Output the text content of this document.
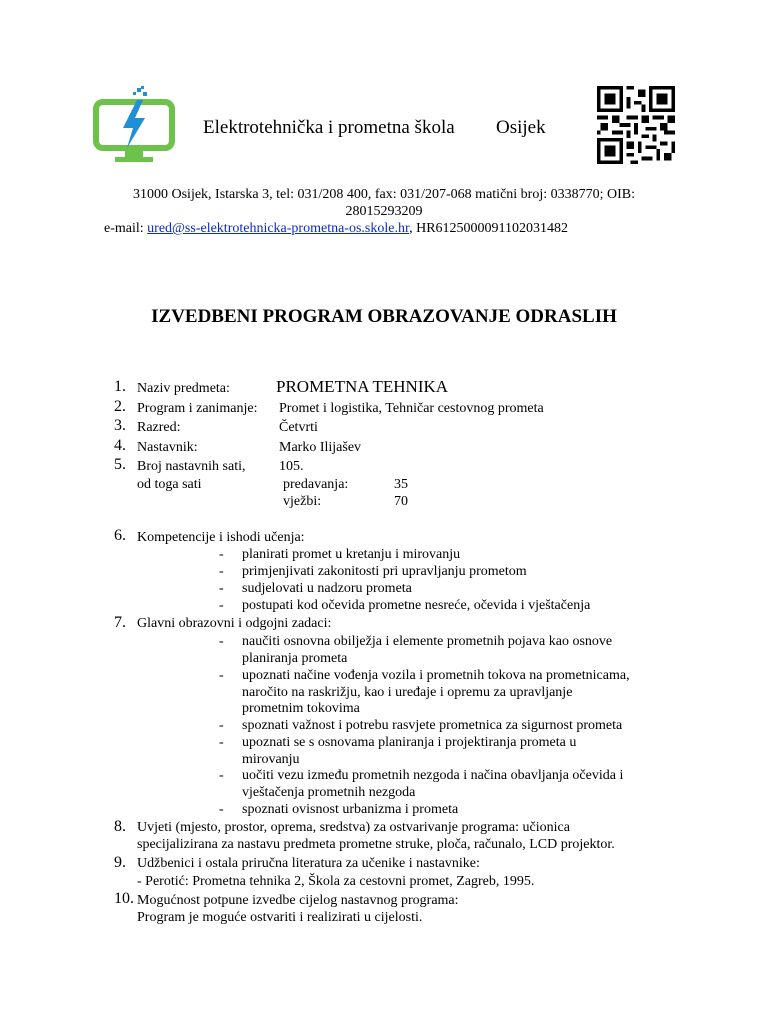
Elektrotehnička i prometna škola Osijek
31000 Osijek, Istarska 3, tel: 031/208 400, fax: 031/207-068 matični broj: 0338770; OIB: 28015293209
e-mail: ured@ss-elektrotehnicka-prometna-os.skole.hr, HR6125000091102031482
IZVEDBENI PROGRAM OBRAZOVANJE ODRASLIH
1. Naziv predmeta:	PROMETNA TEHNIKA
2. Program i zanimanje: Promet i logistika, Tehničar cestovnog prometa
3. Razred:	Četvrti
4. Nastavnik:	Marko Ilijašev
5. Broj nastavnih sati, 105.
od toga sati	predavanja:	35
vježbi:	70
6. Kompetencije i ishodi učenja:
- planirati promet u kretanju i mirovanju
- primjenjivati zakonitosti pri upravljanju prometom
- sudjelovati u nadzoru prometa
- postupati kod očevida prometne nesreće, očevida i vještačenja
7. Glavni obrazovni i odgojni zadaci:
- naučiti osnovna obilježja i elemente prometnih pojava kao osnove
planiranja prometa
- upoznati načine vođenja vozila i prometnih tokova na prometnicama,
naročito na raskrižju, kao i uređaje i opremu za upravljanje
prometnim tokovima
- spoznati važnost i potrebu rasvjete prometnica za sigurnost prometa
- upoznati se s osnovama planiranja i projektiranja prometa u
mirovanju
- uočiti vezu između prometnih nezgoda i načina obavljanja očevida i
vještačenja prometnih nezgoda
- spoznati ovisnost urbanizma i prometa
8. Uvjeti (mjesto, prostor, oprema, sredstva) za ostvarivanje programa: učionica
specijalizirana za nastavu predmeta prometne struke, ploča, računalo, LCD projektor.
9. Udžbenici i ostala priručna literatura za učenike i nastavnike:
- Perotić: Prometna tehnika 2, Škola za cestovni promet, Zagreb, 1995.
10. Mogućnost potpune izvedbe cijelog nastavnog programa:
Program je moguće ostvariti i realizirati u cijelosti.
